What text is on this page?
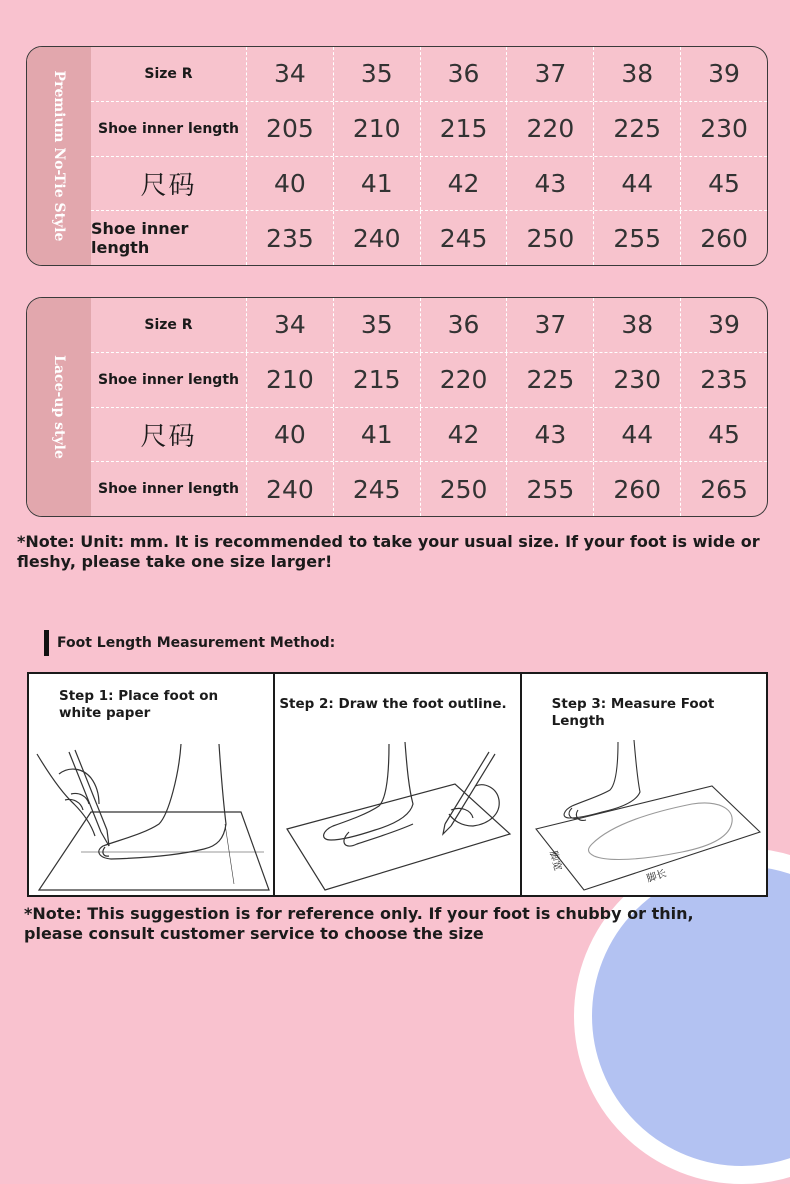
Premium No-Tie Style	Size R	34	35	36	37	38	39
Shoe inner length	205	210	215	220	225	230
尺码	40	41	42	43	44	45
Shoe inner length	235	240	245	250	255	260
Lace-up style
Size R	34	35	36	37	38	39
Shoe inner length	210	215	220	225	230	235
尺码	40	41	42	43	44	45
Shoe inner length	240	245	250	255	260	265
*Note: Unit: mm. It is recommended to take your usual size. If your foot is wide or fleshy, please take one size larger!
Foot Length Measurement Method:
Step 1: Place foot on white paper
Step 2: Draw the foot outline.	Step 3: Measure Foot Length
脚宽
脚长
*Note: This suggestion is for reference only. If your foot is chubby or thin, please consult customer service to choose the size
